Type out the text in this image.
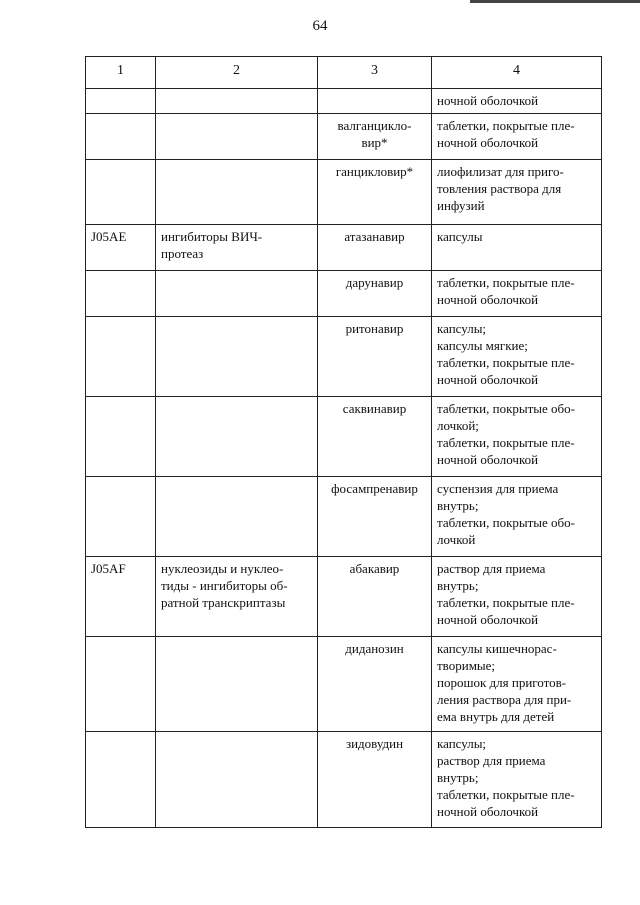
64
1	2	3	4

			ночной оболочкой

		валганцикло-
вир*	таблетки, покрытые пле-
ночной оболочкой

		ганцикловир*	лиофилизат для приго-
товления раствора для
инфузий

J05AE	ингибиторы ВИЧ-
протеаз	атазанавир	капсулы

		дарунавир	таблетки, покрытые пле-
ночной оболочкой

		ритонавир	капсулы;
капсулы мягкие;
таблетки, покрытые пле-
ночной оболочкой

		саквинавир	таблетки, покрытые обо-
лочкой;
таблетки, покрытые пле-
ночной оболочкой

		фосампренавир	суспензия для приема
внутрь;
таблетки, покрытые обо-
лочкой

J05AF	нуклеозиды и нуклео-
тиды - ингибиторы об-
ратной транскриптазы	абакавир	раствор для приема
внутрь;
таблетки, покрытые пле-
ночной оболочкой

		диданозин	капсулы кишечнорас-
творимые;
порошок для приготов-
ления раствора для при-
ема внутрь для детей

		зидовудин	капсулы;
раствор для приема
внутрь;
таблетки, покрытые пле-
ночной оболочкой
